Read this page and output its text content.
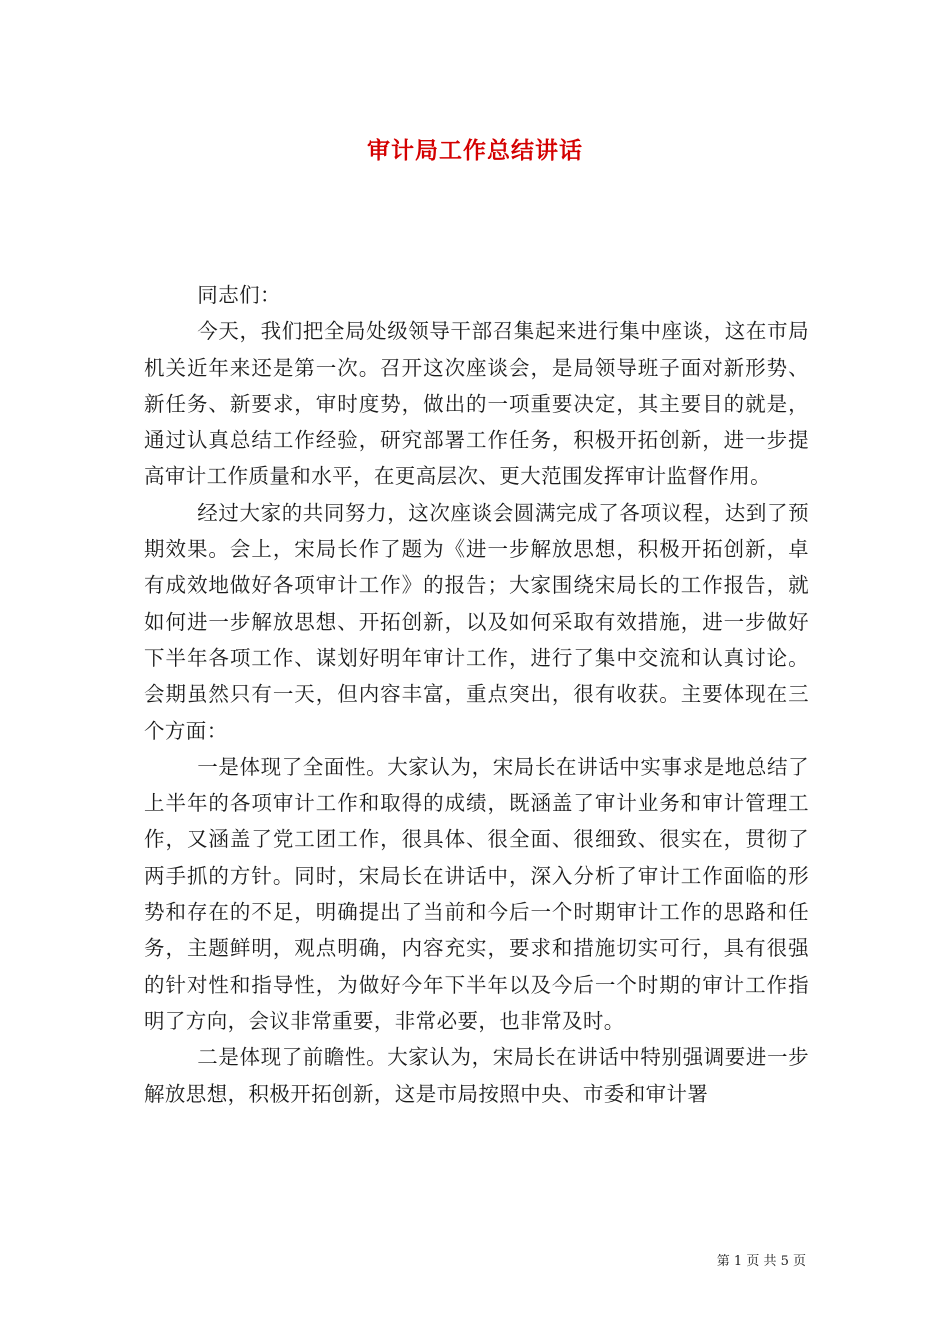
审计局工作总结讲话

同志们：

今天，我们把全局处级领导干部召集起来进行集中座谈，这在市局机关近年来还是第一次。召开这次座谈会，是局领导班子面对新形势、新任务、新要求，审时度势，做出的一项重要决定，其主要目的就是，通过认真总结工作经验，研究部署工作任务，积极开拓创新，进一步提高审计工作质量和水平，在更高层次、更大范围发挥审计监督作用。

经过大家的共同努力，这次座谈会圆满完成了各项议程，达到了预期效果。会上，宋局长作了题为《进一步解放思想，积极开拓创新，卓有成效地做好各项审计工作》的报告；大家围绕宋局长的工作报告，就如何进一步解放思想、开拓创新，以及如何采取有效措施，进一步做好下半年各项工作、谋划好明年审计工作，进行了集中交流和认真讨论。会期虽然只有一天，但内容丰富，重点突出，很有收获。主要体现在三个方面：

一是体现了全面性。大家认为，宋局长在讲话中实事求是地总结了上半年的各项审计工作和取得的成绩，既涵盖了审计业务和审计管理工作，又涵盖了党工团工作，很具体、很全面、很细致、很实在，贯彻了两手抓的方针。同时，宋局长在讲话中，深入分析了审计工作面临的形势和存在的不足，明确提出了当前和今后一个时期审计工作的思路和任务，主题鲜明，观点明确，内容充实，要求和措施切实可行，具有很强的针对性和指导性，为做好今年下半年以及今后一个时期的审计工作指明了方向，会议非常重要，非常必要，也非常及时。

二是体现了前瞻性。大家认为，宋局长在讲话中特别强调要进一步解放思想，积极开拓创新，这是市局按照中央、市委和审计署

第 1 页 共 5 页
